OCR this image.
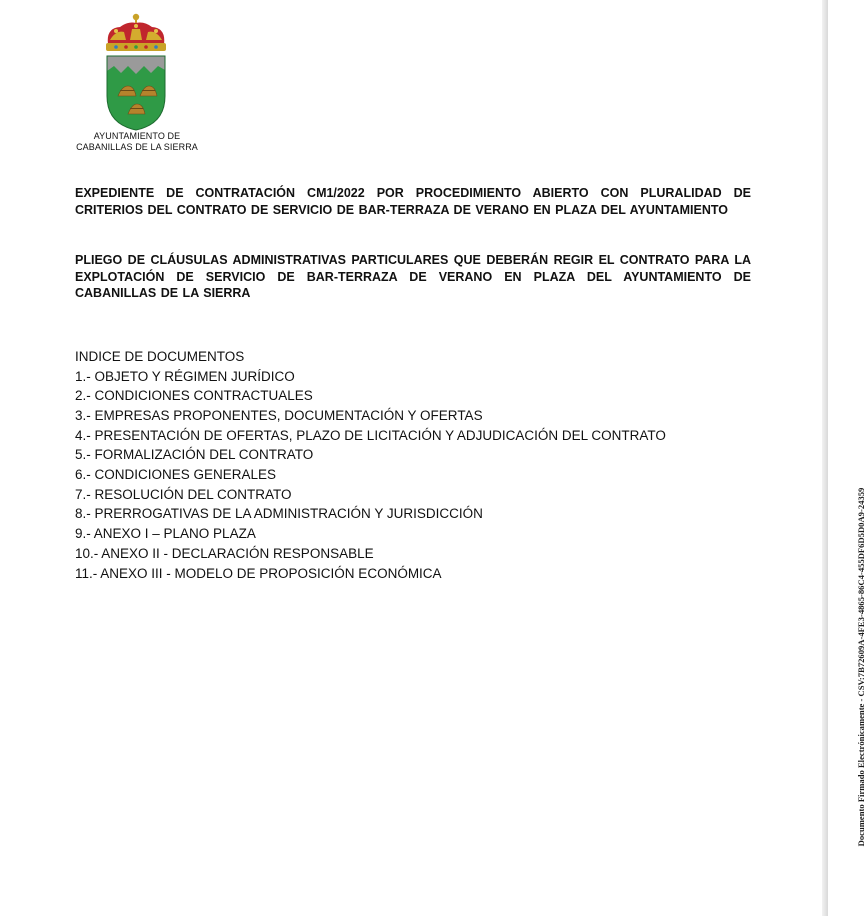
AYUNTAMIENTO DE
CABANILLAS DE LA SIERRA
EXPEDIENTE DE CONTRATACIÓN CM1/2022 POR PROCEDIMIENTO ABIERTO CON PLURALIDAD DE CRITERIOS DEL CONTRATO DE SERVICIO DE BAR-TERRAZA DE VERANO EN PLAZA DEL AYUNTAMIENTO
PLIEGO DE CLÁUSULAS ADMINISTRATIVAS PARTICULARES QUE DEBERÁN REGIR EL CONTRATO PARA LA EXPLOTACIÓN DE SERVICIO DE BAR-TERRAZA DE VERANO EN PLAZA DEL AYUNTAMIENTO DE CABANILLAS DE LA SIERRA
INDICE DE DOCUMENTOS
1.- OBJETO Y RÉGIMEN JURÍDICO
2.- CONDICIONES CONTRACTUALES
3.- EMPRESAS PROPONENTES, DOCUMENTACIÓN Y OFERTAS
4.- PRESENTACIÓN DE OFERTAS, PLAZO DE LICITACIÓN Y ADJUDICACIÓN DEL CONTRATO
5.- FORMALIZACIÓN DEL CONTRATO
6.- CONDICIONES GENERALES
7.- RESOLUCIÓN DEL CONTRATO
8.- PRERROGATIVAS DE LA ADMINISTRACIÓN Y JURISDICCIÓN
9.- ANEXO I – PLANO PLAZA
10.- ANEXO II - DECLARACIÓN RESPONSABLE
11.- ANEXO III - MODELO DE PROPOSICIÓN ECONÓMICA	Documento Firmado Electrónicamente - CSV:7B72609A-4FE3-4865-86C4-455DF6D5D0A9-24359
